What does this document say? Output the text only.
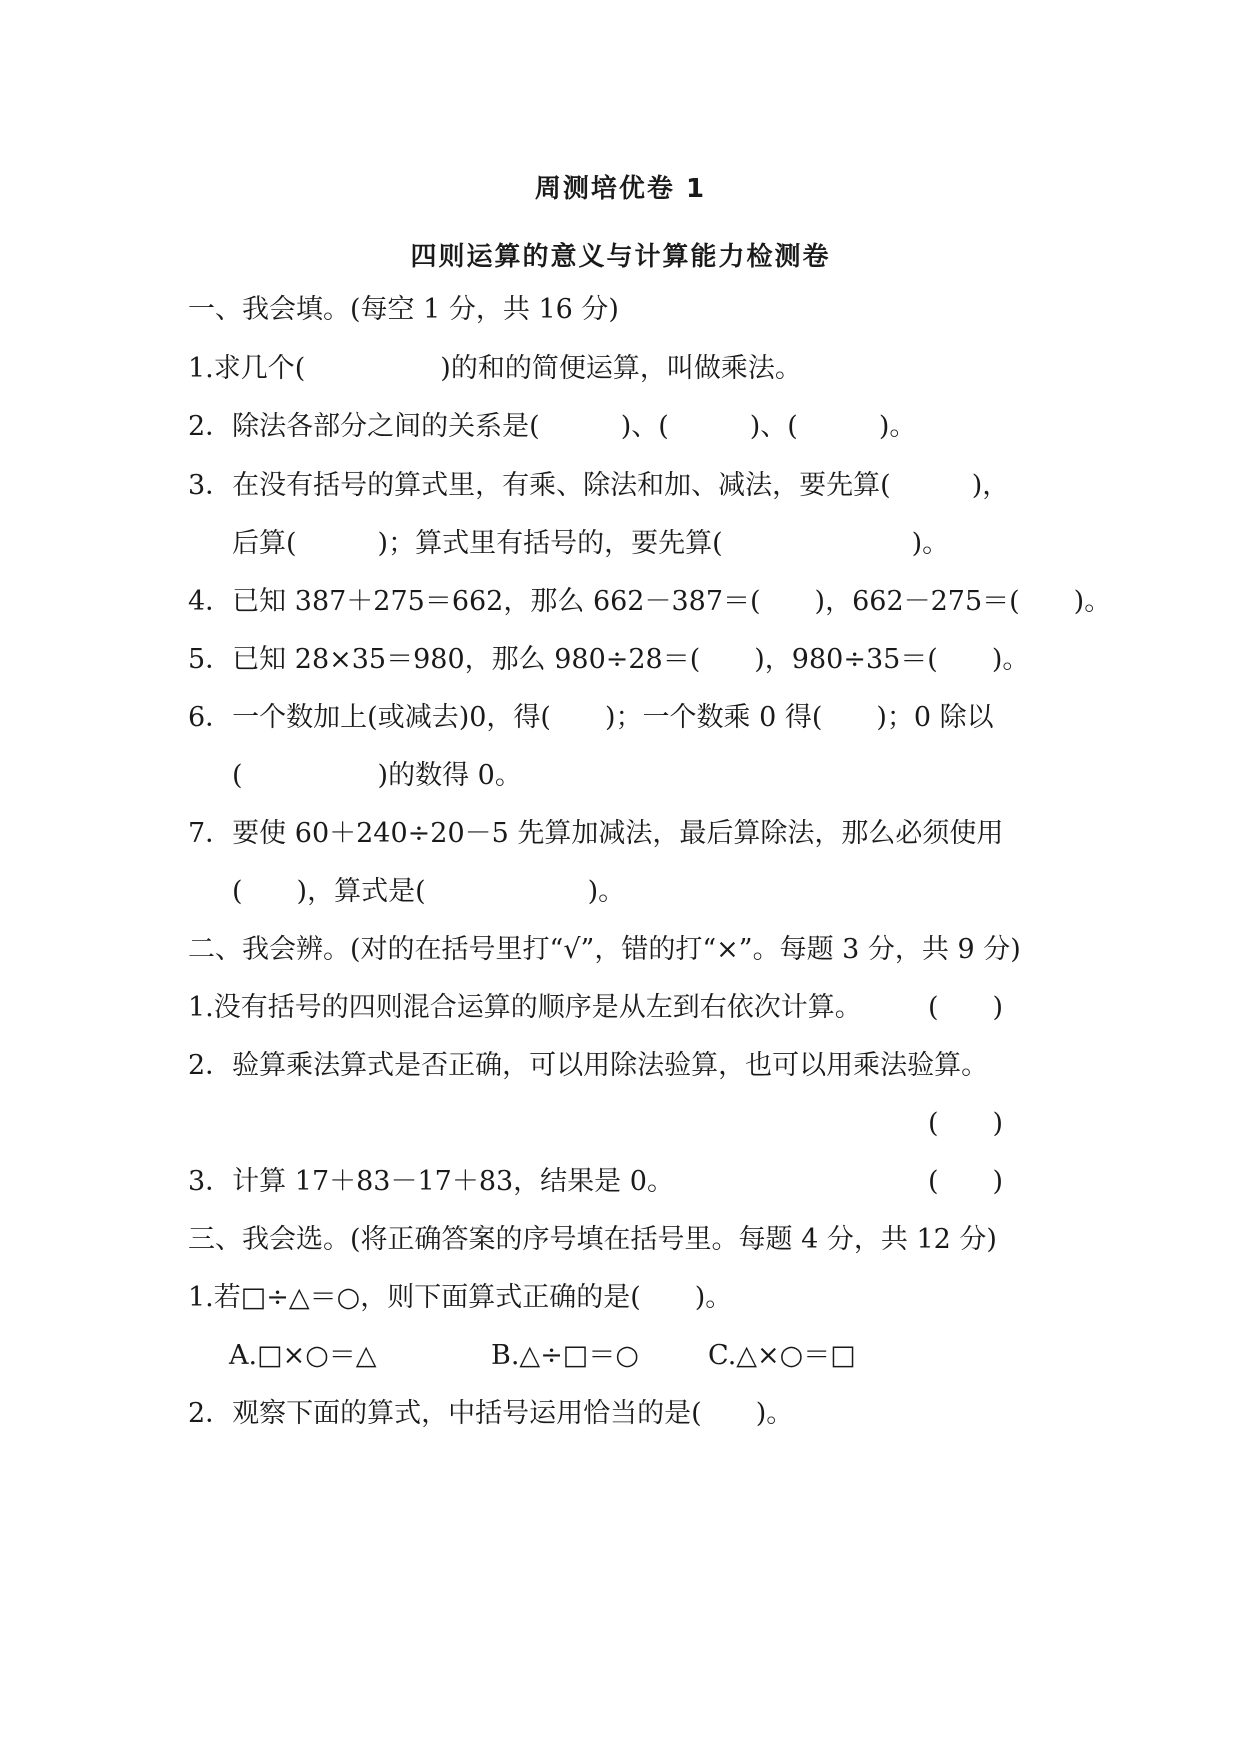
周测培优卷 1
四则运算的意义与计算能力检测卷
一、我会填。(每空 1 分，共 16 分)
1.求几个(　　　　　)的和的简便运算，叫做乘法。
2．除法各部分之间的关系是(　　　)、(　　　)、(　　　)。
3．在没有括号的算式里，有乘、除法和加、减法，要先算(　　　)，
后算(　　　)；算式里有括号的，要先算(　　　　　　　)。
4．已知 387＋275＝662，那么 662－387＝(　　)，662－275＝(　　)。
5．已知 28×35＝980，那么 980÷28＝(　　)，980÷35＝(　　)。
6．一个数加上(或减去)0，得(　　)；一个数乘 0 得(　　)；0 除以
(　　　　　)的数得 0。
7．要使 60＋240÷20－5 先算加减法，最后算除法，那么必须使用
(　　)，算式是(　　　　　　)。
二、我会辨。(对的在括号里打“√”，错的打“×”。每题 3 分，共 9 分)
1.没有括号的四则混合运算的顺序是从左到右依次计算。 (　　)
2．验算乘法算式是否正确，可以用除法验算，也可以用乘法验算。
(　　)
3．计算 17＋83－17＋83，结果是 0。	(　　)
三、我会选。(将正确答案的序号填在括号里。每题 4 分，共 12 分)
1.若□÷△＝○，则下面算式正确的是(　　)。
A.□×○＝△	B.△÷□＝○	C.△×○＝□
2．观察下面的算式，中括号运用恰当的是(　　)。
